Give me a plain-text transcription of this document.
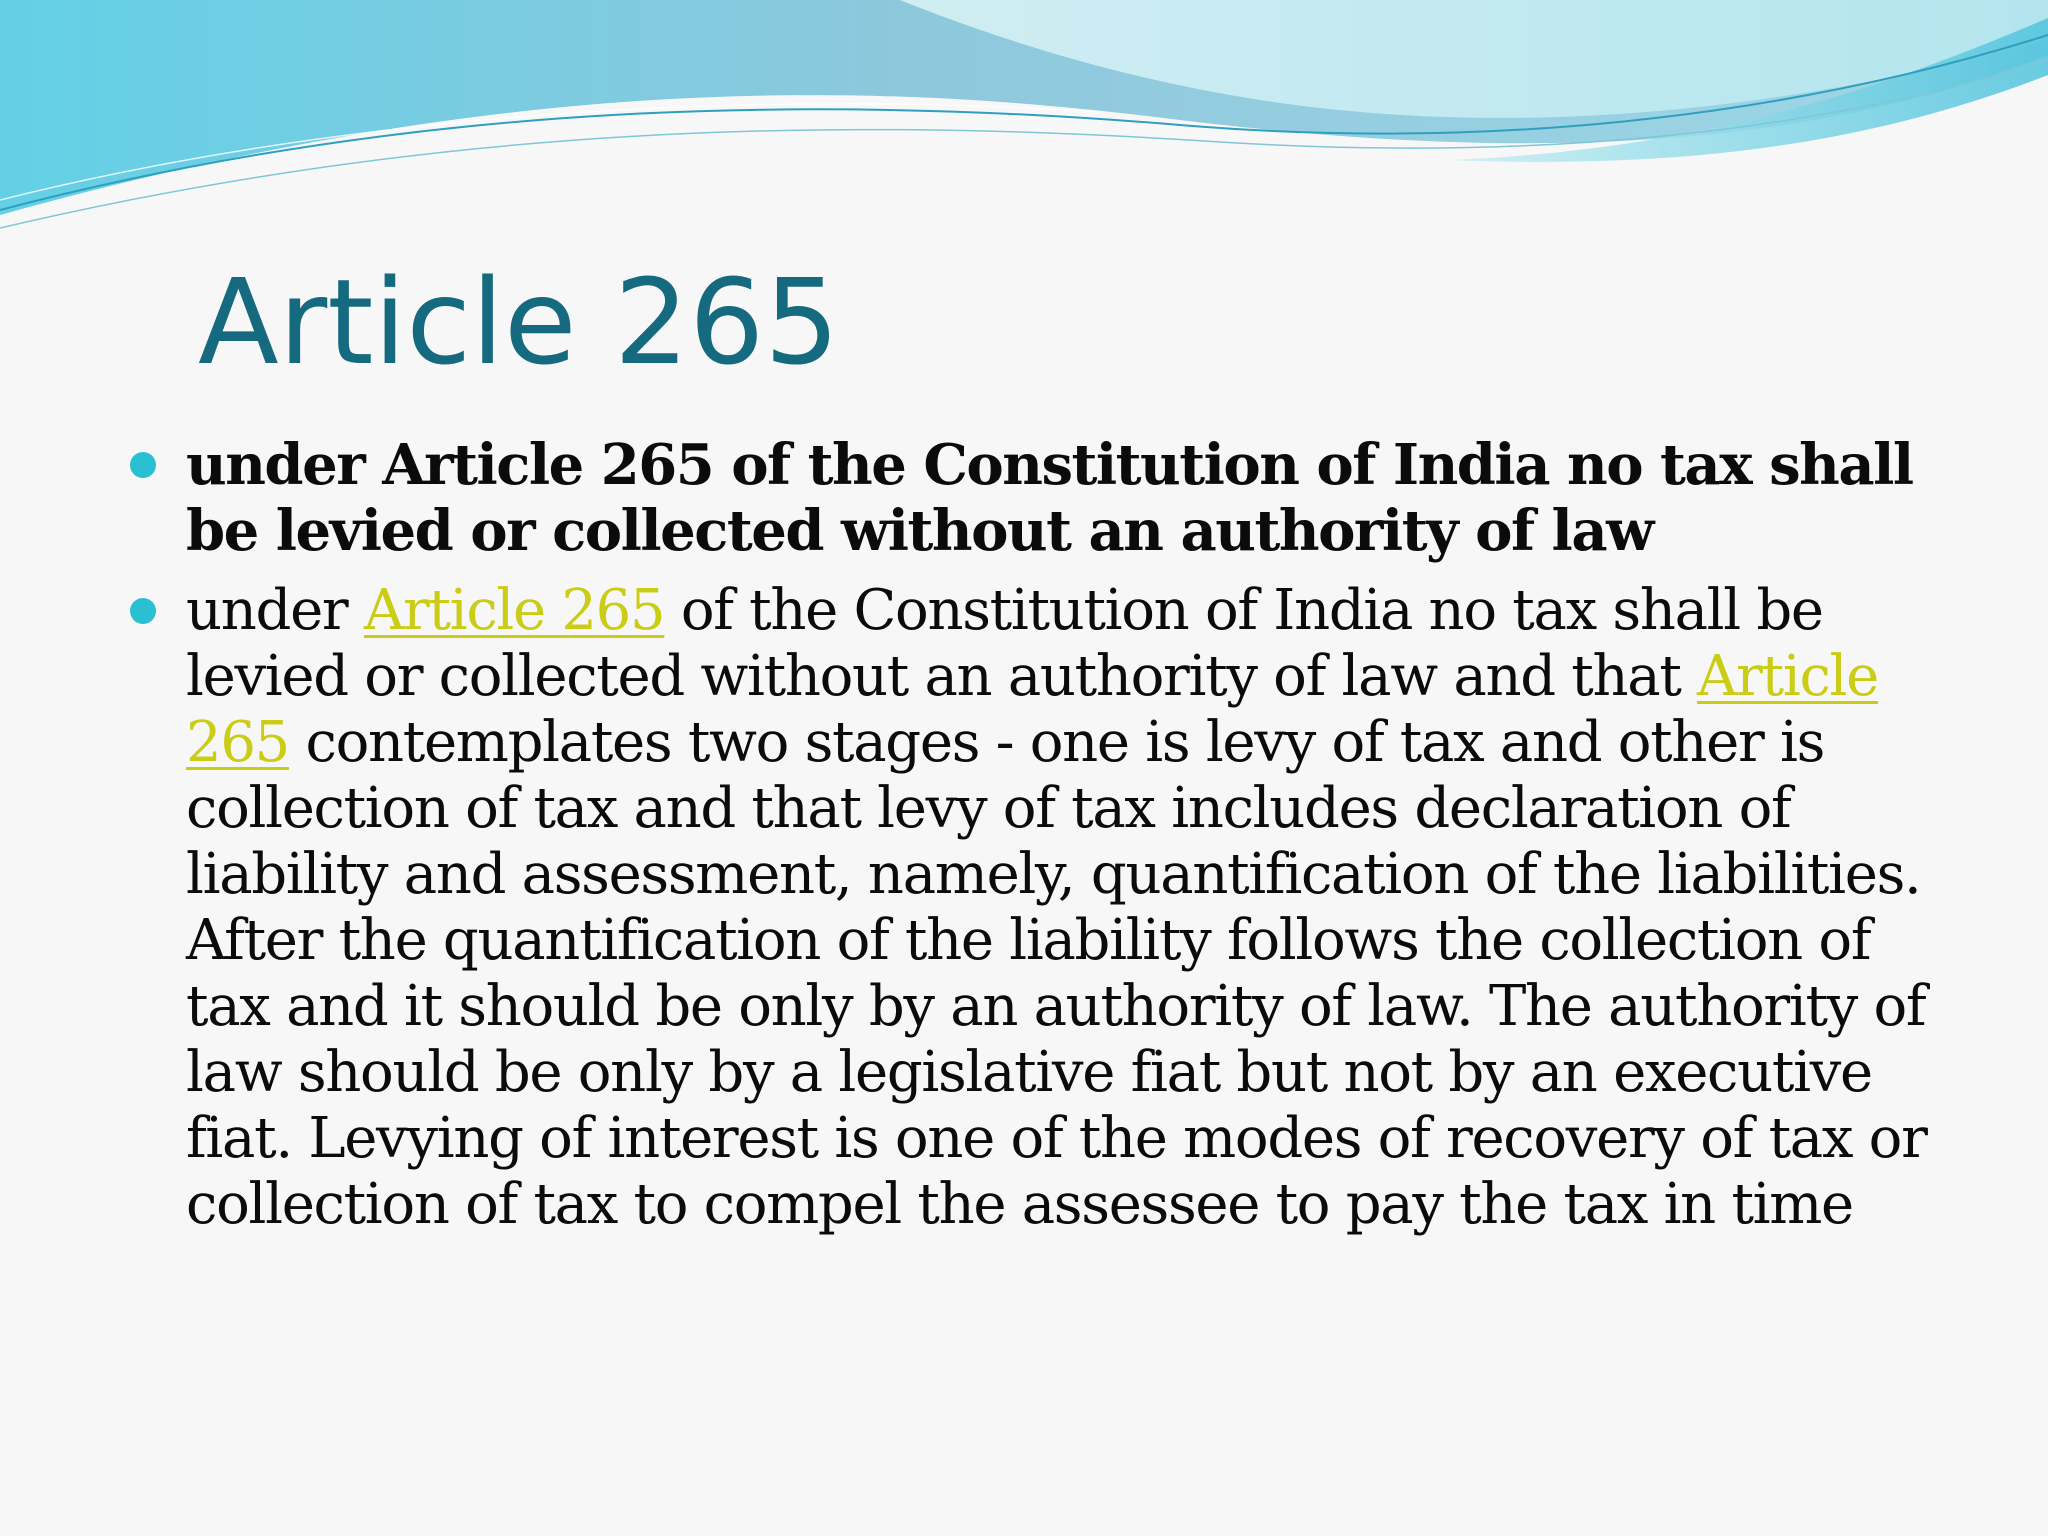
Article 265
under Article 265 of the Constitution of India no tax shall be levied or collected without an authority of law
under Article 265 of the Constitution of India no tax shall be levied or collected without an authority of law and that Article 265 contemplates two stages - one is levy of tax and other is collection of tax and that levy of tax includes declaration of liability and assessment, namely, quantification of the liabilities. After the quantification of the liability follows the collection of tax and it should be only by an authority of law. The authority of law should be only by a legislative fiat but not by an executive fiat. Levying of interest is one of the modes of recovery of tax or collection of tax to compel the assessee to pay the tax in time
